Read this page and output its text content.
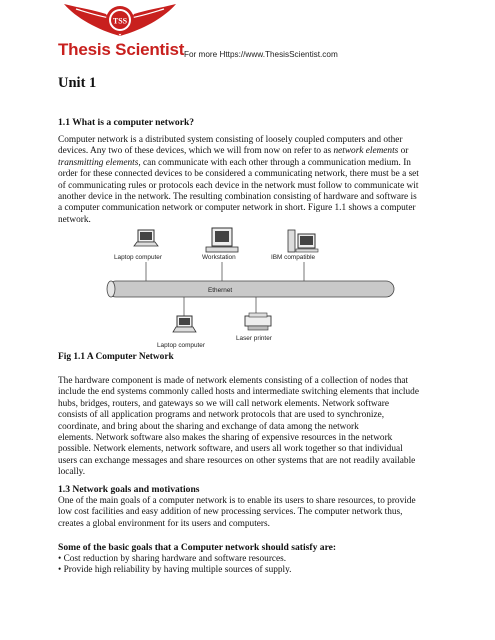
TSS
Thesis Scientist For more Https://www.ThesisScientist.com
Unit 1
1.1 What is a computer network?
Computer network is a distributed system consisting of loosely coupled computers and other
devices. Any two of these devices, which we will from now on refer to as network elements or
transmitting elements, can communicate with each other through a communication medium. In
order for these connected devices to be considered a communicating network, there must be a set
of communicating rules or protocols each device in the network must follow to communicate wit
another device in the network. The resulting combination consisting of hardware and software is
a computer communication network or computer network in short. Figure 1.1 shows a computer
network.
Laptop computer	Workstation	IBM compatible
Ethernet
Laptop computer
Laser printer
Fig 1.1 A Computer Network
The hardware component is made of network elements consisting of a collection of nodes that
include the end systems commonly called hosts and intermediate switching elements that include
hubs, bridges, routers, and gateways so we will call network elements. Network software
consists of all application programs and network protocols that are used to synchronize,
coordinate, and bring about the sharing and exchange of data among the network
elements. Network software also makes the sharing of expensive resources in the network
possible. Network elements, network software, and users all work together so that individual
users can exchange messages and share resources on other systems that are not readily available
locally.
1.3 Network goals and motivations
One of the main goals of a computer network is to enable its users to share resources, to provide
low cost facilities and easy addition of new processing services. The computer network thus,
creates a global environment for its users and computers.
Some of the basic goals that a Computer network should satisfy are:
• Cost reduction by sharing hardware and software resources.
• Provide high reliability by having multiple sources of supply.
